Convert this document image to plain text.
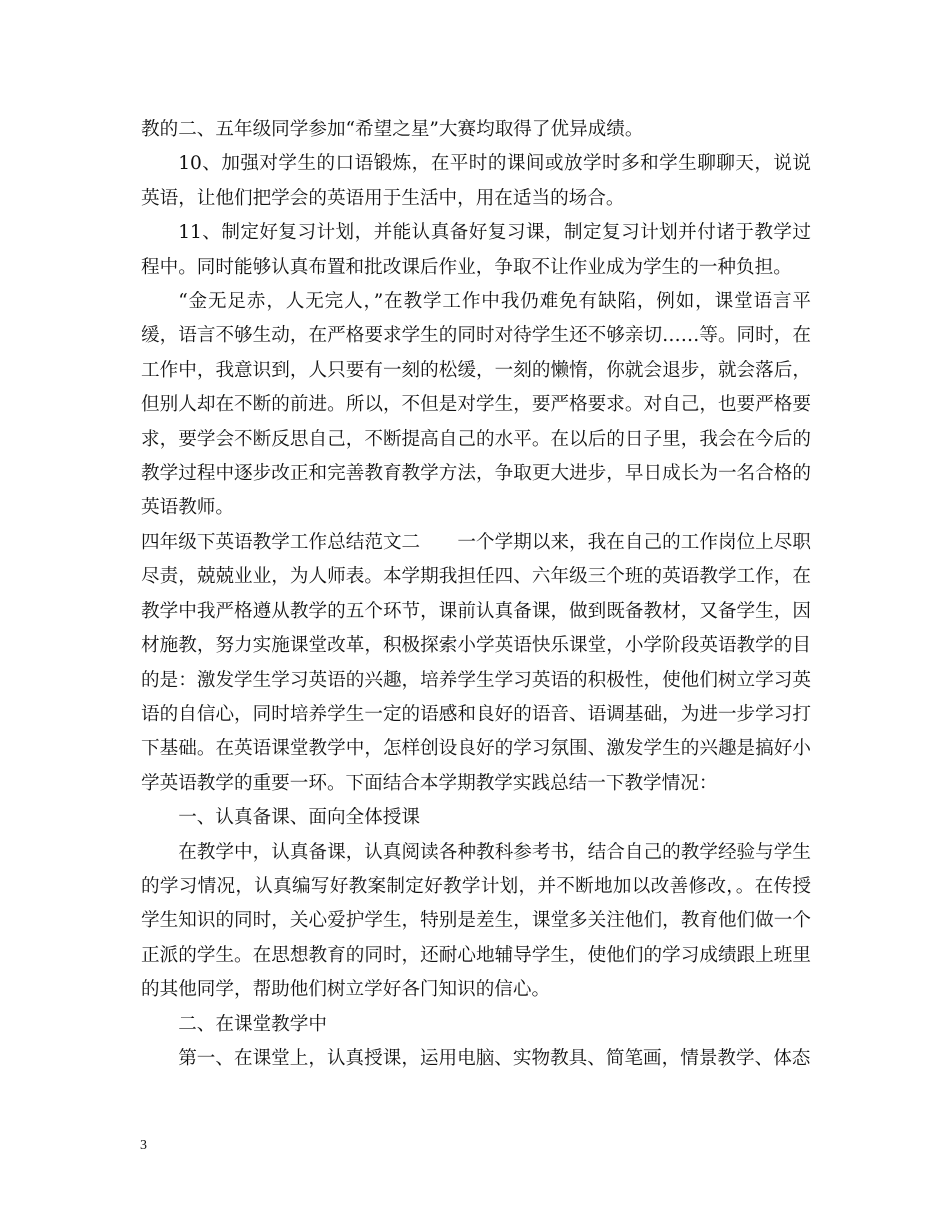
教的二、五年级同学参加“希望之星”大赛均取得了优异成绩。

10、加强对学生的口语锻炼，在平时的课间或放学时多和学生聊聊天，说说英语，让他们把学会的英语用于生活中，用在适当的场合。

11、制定好复习计划，并能认真备好复习课，制定复习计划并付诸于教学过程中。同时能够认真布置和批改课后作业，争取不让作业成为学生的一种负担。

“金无足赤，人无完人，”在教学工作中我仍难免有缺陷，例如，课堂语言平缓，语言不够生动，在严格要求学生的同时对待学生还不够亲切……等。同时，在工作中，我意识到，人只要有一刻的松缓，一刻的懒惰，你就会退步，就会落后，但别人却在不断的前进。所以，不但是对学生，要严格要求。对自己，也要严格要求，要学会不断反思自己，不断提高自己的水平。在以后的日子里，我会在今后的教学过程中逐步改正和完善教育教学方法，争取更大进步，早日成长为一名合格的英语教师。

四年级下英语教学工作总结范文二　　一个学期以来，我在自己的工作岗位上尽职尽责，兢兢业业，为人师表。本学期我担任四、六年级三个班的英语教学工作，在教学中我严格遵从教学的五个环节，课前认真备课，做到既备教材，又备学生，因材施教，努力实施课堂改革，积极探索小学英语快乐课堂，小学阶段英语教学的目的是：激发学生学习英语的兴趣，培养学生学习英语的积极性，使他们树立学习英语的自信心，同时培养学生一定的语感和良好的语音、语调基础，为进一步学习打下基础。在英语课堂教学中，怎样创设良好的学习氛围、激发学生的兴趣是搞好小学英语教学的重要一环。下面结合本学期教学实践总结一下教学情况：

一、认真备课、面向全体授课

在教学中，认真备课，认真阅读各种教科参考书，结合自己的教学经验与学生的学习情况，认真编写好教案制定好教学计划，并不断地加以改善修改，。在传授学生知识的同时，关心爱护学生，特别是差生，课堂多关注他们，教育他们做一个正派的学生。在思想教育的同时，还耐心地辅导学生，使他们的学习成绩跟上班里的其他同学，帮助他们树立学好各门知识的信心。

二、在课堂教学中

第一、在课堂上，认真授课，运用电脑、实物教具、简笔画，情景教学、体态

3
